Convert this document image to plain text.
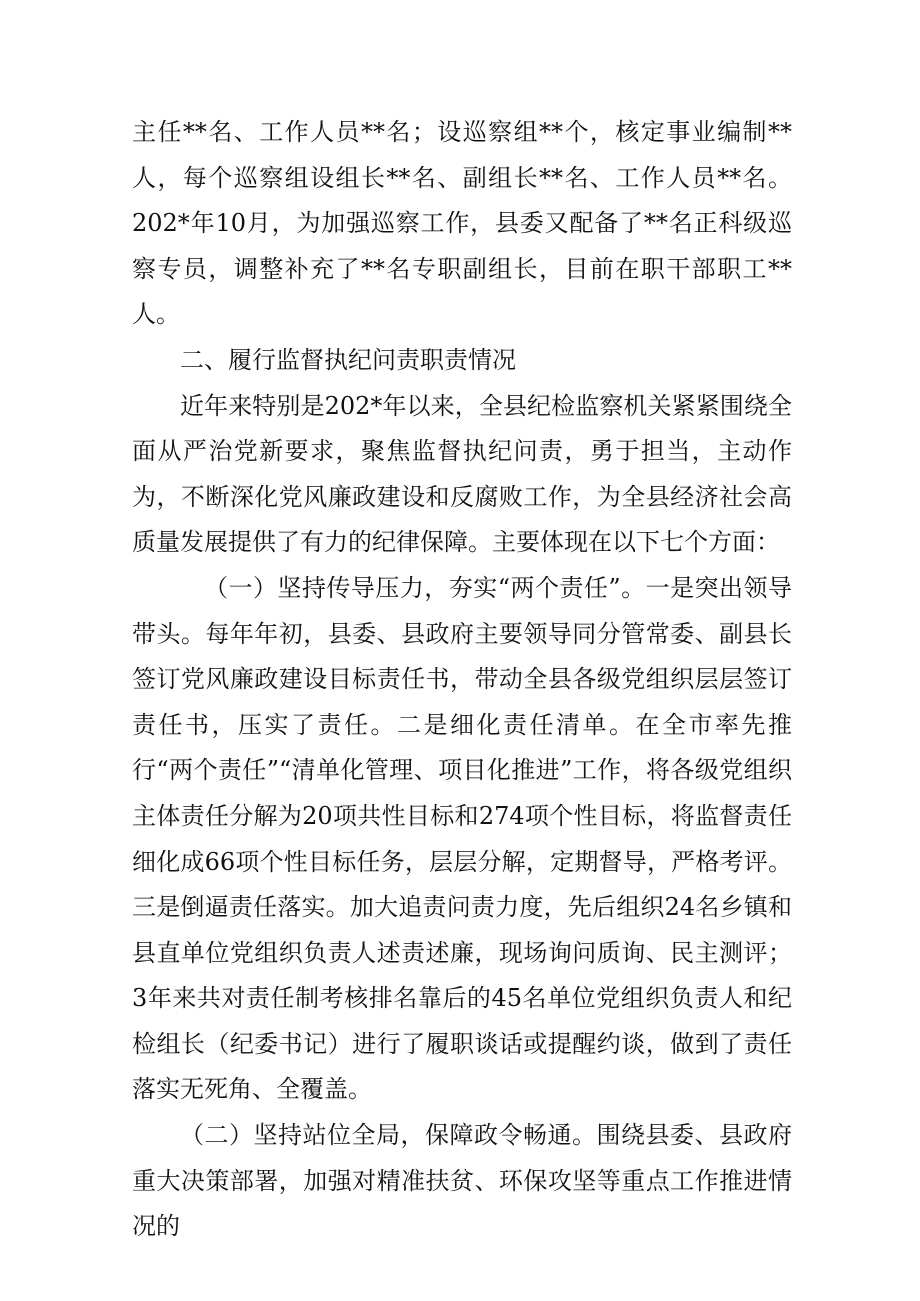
主任**名、工作人员**名；设巡察组**个，核定事业编制**人，每个巡察组设组长**名、副组长**名、工作人员**名。202*年10月，为加强巡察工作，县委又配备了**名正科级巡察专员，调整补充了**名专职副组长，目前在职干部职工**人。

二、履行监督执纪问责职责情况

近年来特别是202*年以来，全县纪检监察机关紧紧围绕全面从严治党新要求，聚焦监督执纪问责，勇于担当，主动作为，不断深化党风廉政建设和反腐败工作，为全县经济社会高质量发展提供了有力的纪律保障。主要体现在以下七个方面：

（一）坚持传导压力，夯实“两个责任”。一是突出领导带头。每年年初，县委、县政府主要领导同分管常委、副县长签订党风廉政建设目标责任书，带动全县各级党组织层层签订责任书，压实了责任。二是细化责任清单。在全市率先推行“两个责任”“清单化管理、项目化推进”工作，将各级党组织主体责任分解为20项共性目标和274项个性目标，将监督责任细化成66项个性目标任务，层层分解，定期督导，严格考评。三是倒逼责任落实。加大追责问责力度，先后组织24名乡镇和县直单位党组织负责人述责述廉，现场询问质询、民主测评；3年来共对责任制考核排名靠后的45名单位党组织负责人和纪检组长（纪委书记）进行了履职谈话或提醒约谈，做到了责任落实无死角、全覆盖。

（二）坚持站位全局，保障政令畅通。围绕县委、县政府重大决策部署，加强对精准扶贫、环保攻坚等重点工作推进情况的
